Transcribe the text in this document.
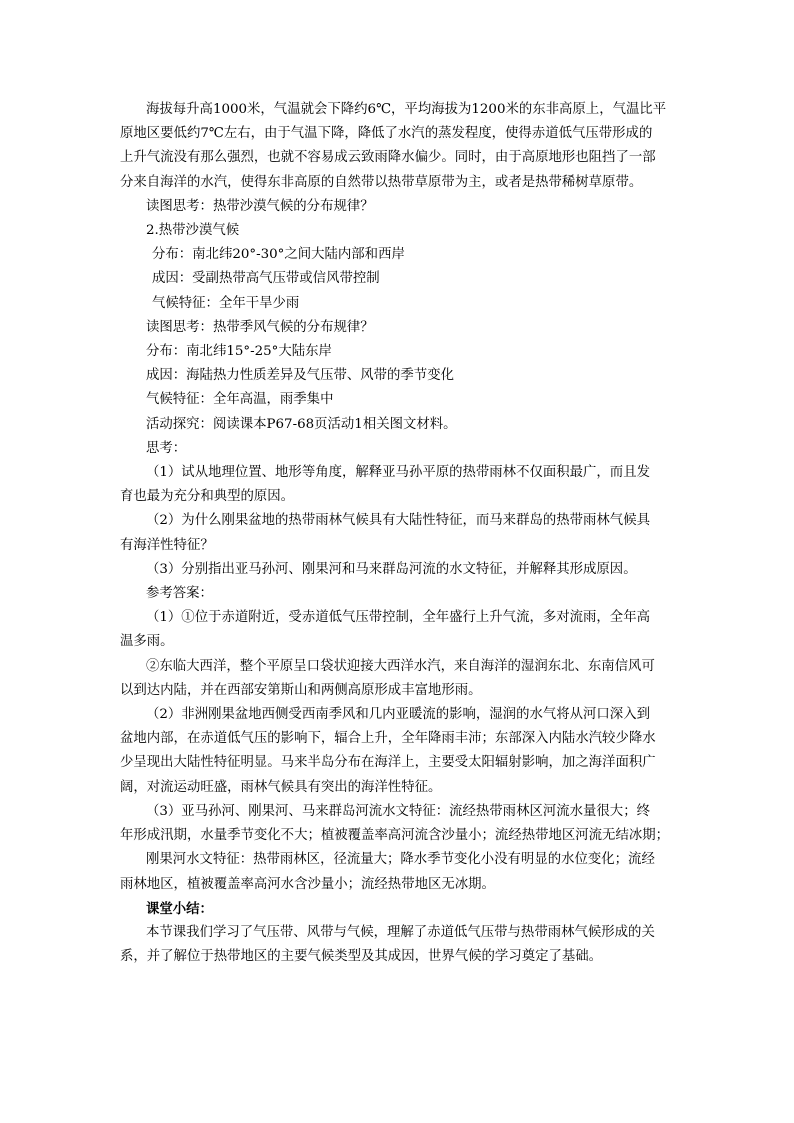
海拔每升高1000米，气温就会下降约6℃，平均海拔为1200米的东非高原上，气温比平

原地区要低约7℃左右，由于气温下降，降低了水汽的蒸发程度，使得赤道低气压带形成的

上升气流没有那么强烈，也就不容易成云致雨降水偏少。同时，由于高原地形也阻挡了一部

分来自海洋的水汽，使得东非高原的自然带以热带草原带为主，或者是热带稀树草原带。

读图思考：热带沙漠气候的分布规律？

2.热带沙漠气候

分布：南北纬20°-30°之间大陆内部和西岸

成因：受副热带高气压带或信风带控制

气候特征：全年干旱少雨

读图思考：热带季风气候的分布规律？

分布：南北纬15°-25°大陆东岸

成因：海陆热力性质差异及气压带、风带的季节变化

气候特征：全年高温，雨季集中

活动探究：阅读课本P67-68页活动1相关图文材料。

思考：

（1）试从地理位置、地形等角度，解释亚马孙平原的热带雨林不仅面积最广，而且发

育也最为充分和典型的原因。

（2）为什么刚果盆地的热带雨林气候具有大陆性特征，而马来群岛的热带雨林气候具

有海洋性特征？

（3）分别指出亚马孙河、刚果河和马来群岛河流的水文特征，并解释其形成原因。

参考答案：

（1）①位于赤道附近，受赤道低气压带控制，全年盛行上升气流，多对流雨，全年高

温多雨。

②东临大西洋，整个平原呈口袋状迎接大西洋水汽，来自海洋的湿润东北、东南信风可

以到达内陆，并在西部安第斯山和两侧高原形成丰富地形雨。

（2）非洲刚果盆地西侧受西南季风和几内亚暖流的影响，湿润的水气将从河口深入到

盆地内部，在赤道低气压的影响下，辐合上升，全年降雨丰沛；东部深入内陆水汽较少降水

少呈现出大陆性特征明显。马来半岛分布在海洋上，主要受太阳辐射影响，加之海洋面积广

阔，对流运动旺盛，雨林气候具有突出的海洋性特征。

（3）亚马孙河、刚果河、马来群岛河流水文特征：流经热带雨林区河流水量很大；终

年形成汛期，水量季节变化不大；植被覆盖率高河流含沙量小；流经热带地区河流无结冰期；

刚果河水文特征：热带雨林区，径流量大；降水季节变化小没有明显的水位变化；流经

雨林地区，植被覆盖率高河水含沙量小；流经热带地区无冰期。

课堂小结：

本节课我们学习了气压带、风带与气候，理解了赤道低气压带与热带雨林气候形成的关

系，并了解位于热带地区的主要气候类型及其成因，世界气候的学习奠定了基础。
